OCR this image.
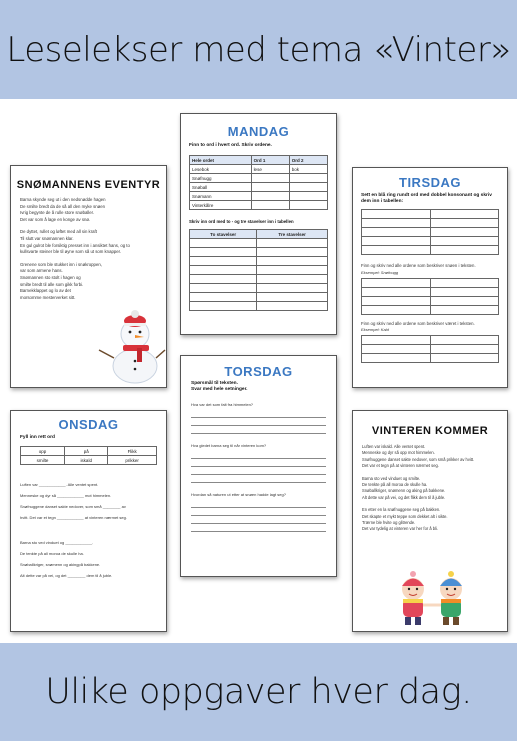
Leselekser med tema «Vinter»
SNØMANNENS EVENTYR

Barna skynde seg ut i den nedsnødde hagen
De smilte bredt da de så all den myke snøen
Ivrig begynte de å rulle store snøballer.
Det var som å lage en konge av snø.

De dyttet, rullet og løftet med all sin kraft
Til slutt var snømannen klar.
En gul gulrot ble forsiktig presset inn i ansiktet hans, og to
kullsvarte steiner ble til øyne som så ut som knapper.

Grenene som ble stukket inn i snøkroppen,
var som armene hans.
Snømannen sto stolt i hagen og
smilte bredt til alle som gikk forbi.
Barnekklappet og lo av det
morsomme mesterverket sitt.

MANDAG
Finn to ord i hvert ord. Skriv ordene.
Hele ordet	Ord 1	Ord 2
Lesebok	lese	bok
Snøfnugg		
Snøball		
Snømann		
Vinterkålre		
Skriv inn ord med to - og tre stavelser inn i tabellen
To stavelser	Tre stavelser

TIRSDAG
Sett en blå ring rundt ord med dobbel konsonant og skriv dem inn i tabellen:

Finn og skriv ned alle ordene som beskriver snøen i teksten.
Eksempel: Snøfnugg

Finn og skriv ned alle ordene som beskriver været i teksten.
Eksempel: Kald

TORSDAG
Spørsmål til teksten.
Svar med hele setninger.
Hva var det som falt fra himmelen?
Hva gledet barna seg til når vinteren kom?
Hvordan så naturen ut etter at snøen hadde lagt seg?
ONSDAG
Fyll inn rett ord
opp	på	Flikk
smilte	iskald	prikker
Luften var ____________. Alle ventet spent.
Menneske og dyr så ____________ mot himmelen.
Snøfnuggene danset sakte nedover, som små ________ av
hvitt. Det var et tegn ____________ at vinteren nærmet seg.
Barna sto ved vinduet og ____________.
De tenkte på all moroa de skulle ha.
Snøballkriger, snømenn og akingpå bakkene.
Alt dette var på vei, og det ________ dem til å juble.
VINTEREN KOMMER

Luften var iskald. Alle ventet spent.
Menneske og dyr så opp mot himmelen.
Snøfnuggene danset sakte nedover, som små prikker av hvitt.
Det var et tegn på at vinteren nærmet seg.

Barna sto ved vinduet og smilte.
De tenkte på all moroa de skulle ha.
Snøballkriger, snømenn og aking på bakkene.
Alt dette var på vei, og det flikk dem til å juble.

En etter en la snøfnuggene seg på bakken.
Det skapte et mykt teppe som dekket alt i sikte.
Trærne ble hvite og glitrende.
Det var tydelig at vinteren var her for å bli.

Ulike oppgaver hver dag.
